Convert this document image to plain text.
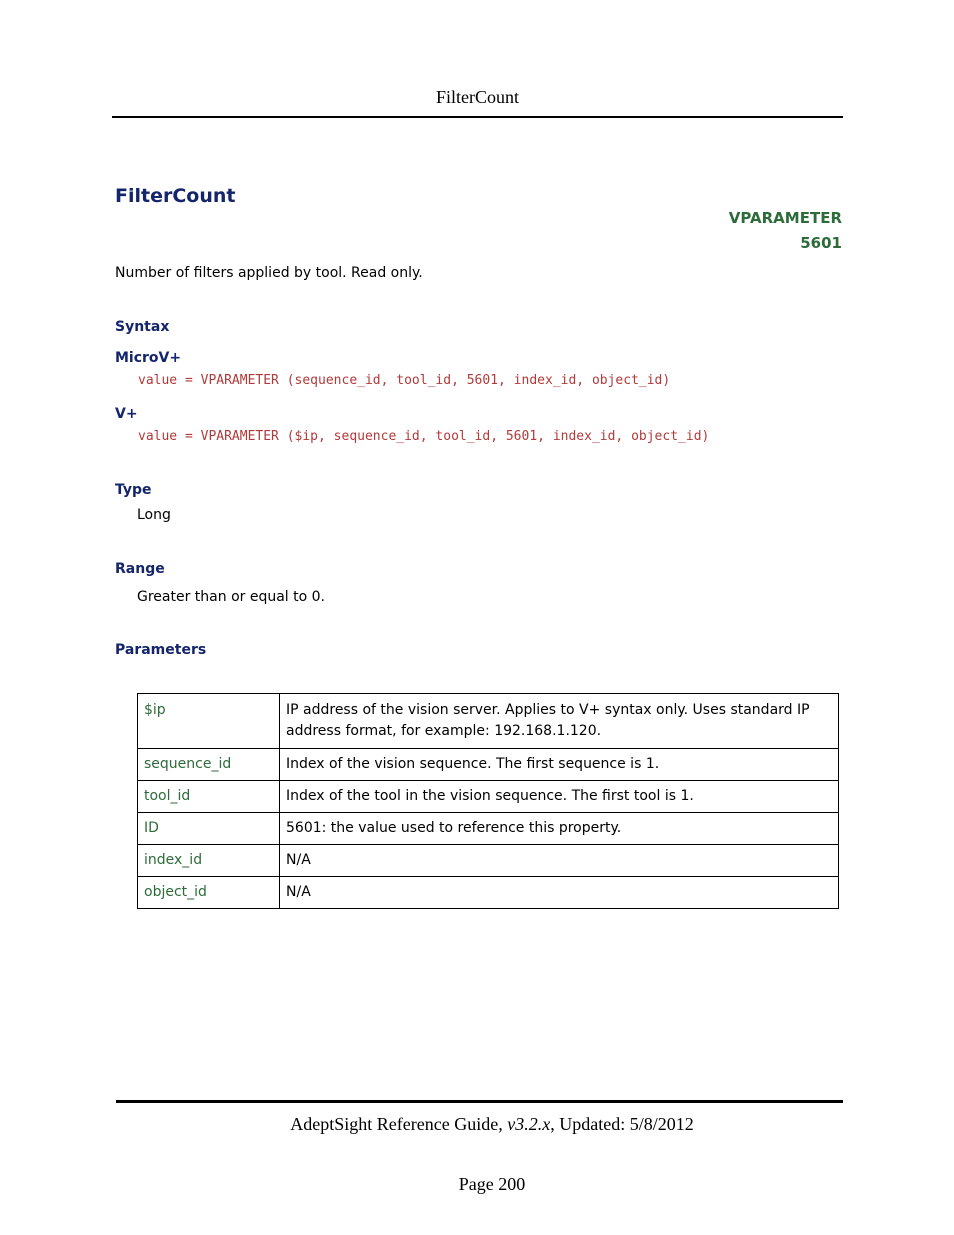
FilterCount
FilterCount
VPARAMETER
5601
Number of filters applied by tool. Read only.
Syntax
MicroV+
value = VPARAMETER (sequence_id, tool_id, 5601, index_id, object_id)
V+
value = VPARAMETER ($ip, sequence_id, tool_id, 5601, index_id, object_id)
Type
Long
Range
Greater than or equal to 0.
Parameters
$ip	IP address of the vision server. Applies to V+ syntax only. Uses standard IP address format, for example: 192.168.1.120.
sequence_id	Index of the vision sequence. The first sequence is 1.
tool_id	Index of the tool in the vision sequence. The first tool is 1.
ID	5601: the value used to reference this property.
index_id	N/A
object_id	N/A
AdeptSight Reference Guide, v3.2.x, Updated: 5/8/2012
Page 200
